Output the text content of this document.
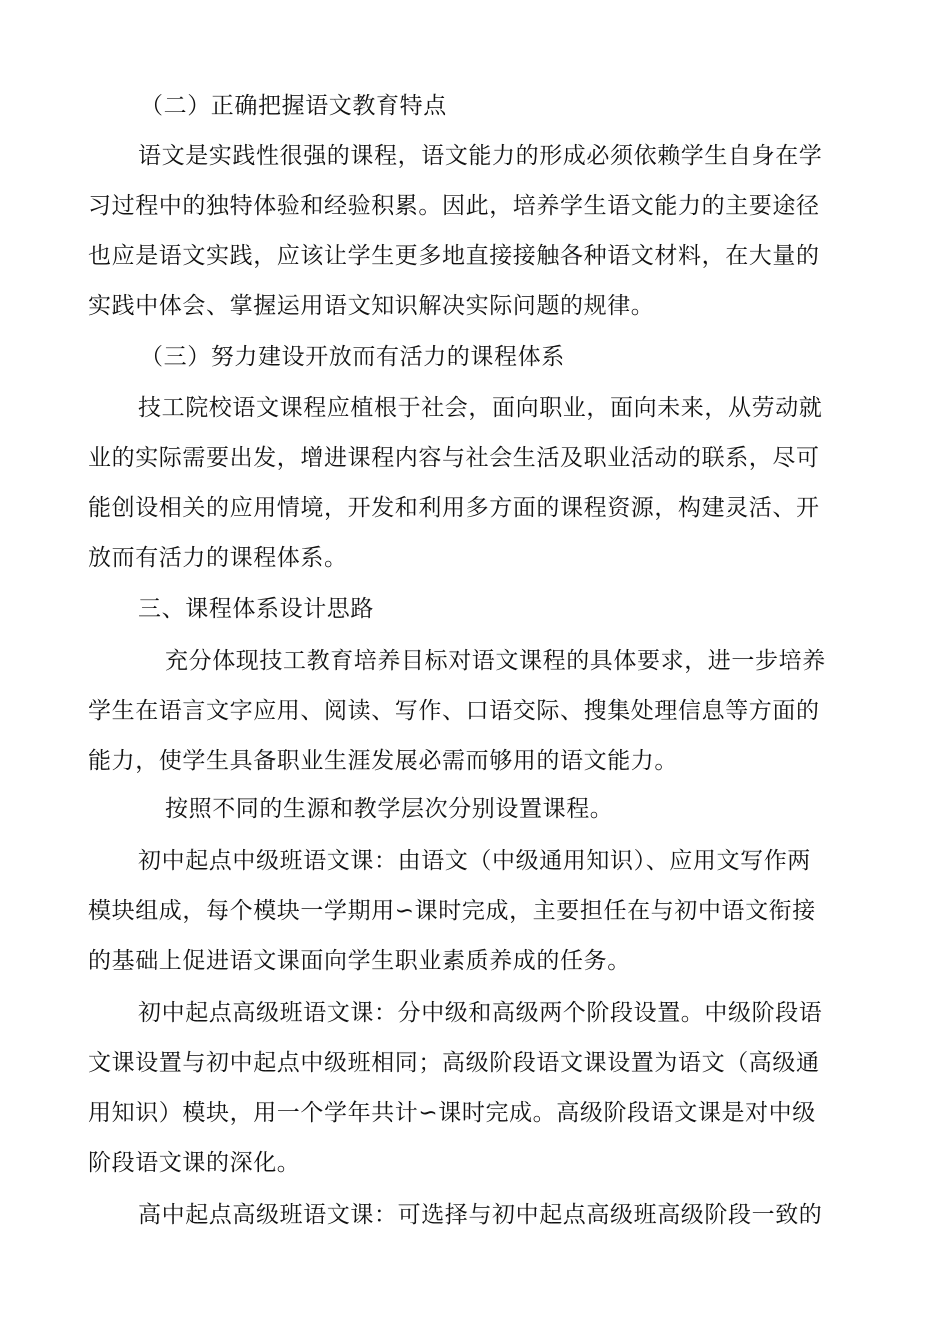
（二）正确把握语文教育特点
语文是实践性很强的课程，语文能力的形成必须依赖学生自身在学
习过程中的独特体验和经验积累。因此，培养学生语文能力的主要途径
也应是语文实践，应该让学生更多地直接接触各种语文材料，在大量的
实践中体会、掌握运用语文知识解决实际问题的规律。
（三）努力建设开放而有活力的课程体系
技工院校语文课程应植根于社会，面向职业，面向未来，从劳动就
业的实际需要出发，增进课程内容与社会生活及职业活动的联系，尽可
能创设相关的应用情境，开发和利用多方面的课程资源，构建灵活、开
放而有活力的课程体系。
三、课程体系设计思路
充分体现技工教育培养目标对语文课程的具体要求，进一步培养
学生在语言文字应用、阅读、写作、口语交际、搜集处理信息等方面的
能力，使学生具备职业生涯发展必需而够用的语文能力。
按照不同的生源和教学层次分别设置课程。
初中起点中级班语文课：由语文（中级通用知识）、应用文写作两
模块组成，每个模块一学期用∽课时完成，主要担任在与初中语文衔接
的基础上促进语文课面向学生职业素质养成的任务。
初中起点高级班语文课：分中级和高级两个阶段设置。中级阶段语
文课设置与初中起点中级班相同；高级阶段语文课设置为语文（高级通
用知识）模块，用一个学年共计∽课时完成。高级阶段语文课是对中级
阶段语文课的深化。
高中起点高级班语文课：可选择与初中起点高级班高级阶段一致的
